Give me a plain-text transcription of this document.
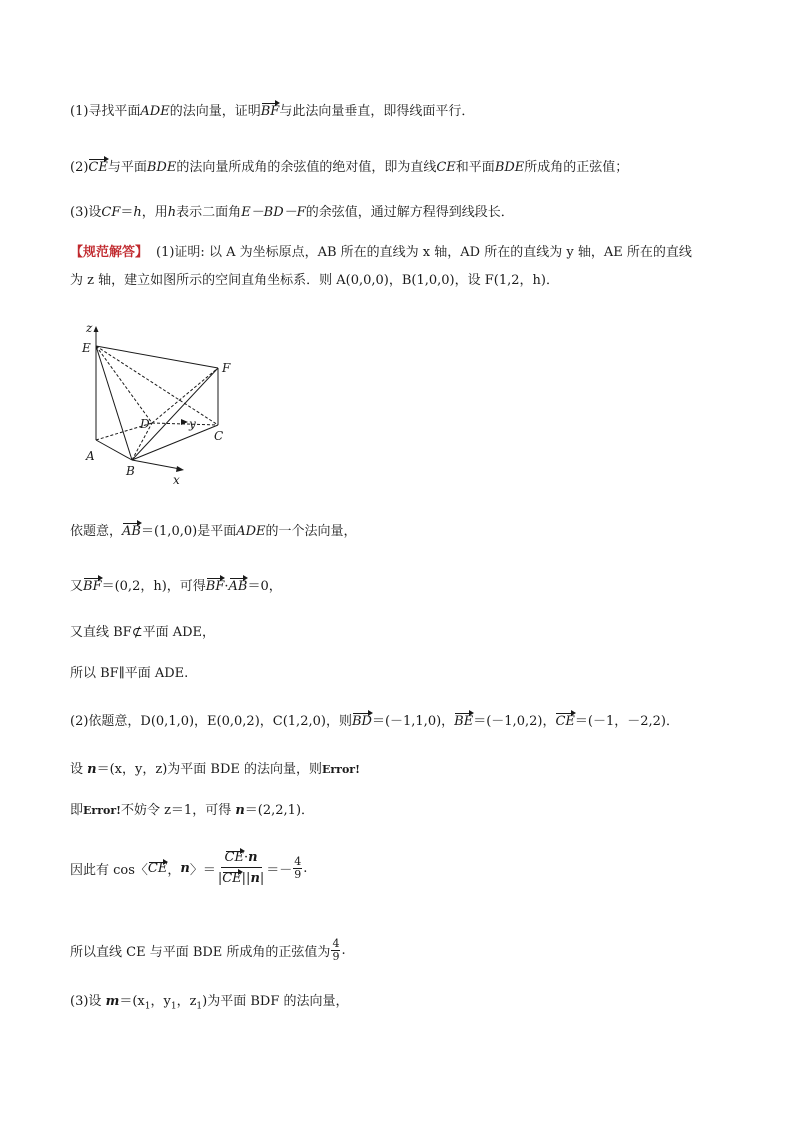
(1)寻找平面ADE的法向量，证明BF与此法向量垂直，即得线面平行．
(2)CE与平面BDE的法向量所成角的余弦值的绝对值，即为直线CE和平面BDE所成角的正弦值；
(3)设CF＝h，用h表示二面角E－BD－F的余弦值，通过解方程得到线段长．
【规范解答】 (1)证明: 以 A 为坐标原点，AB 所在的直线为 x 轴，AD 所在的直线为 y 轴，AE 所在的直线
为 z 轴，建立如图所示的空间直角坐标系．则 A(0,0,0)，B(1,0,0)，设 F(1,2，h)．
z
E
F
D	y
C
A
B
x
依题意，AB＝(1,0,0)是平面ADE的一个法向量，
又BF＝(0,2，h)，可得BF·AB＝0，
又直线 BF⊄平面 ADE，
所以 BF∥平面 ADE.
(2)依题意，D(0,1,0)，E(0,0,2)，C(1,2,0)，则BD＝(－1,1,0)，BE＝(－1,0,2)，CE＝(－1，－2,2)．
设 n＝(x，y，z)为平面 BDE 的法向量，则Error!
即Error!不妨令 z＝1，可得 n＝(2,2,1)．
因此有 cos〈 CE ， n 〉＝ $\frac{CE\cdot n}{|CE||n|} =- \frac{4}{9}$ .
所以直线 CE 与平面 BDE 所成角的正弦值为 $\frac{4}{9}$ .
(3)设 $m=(x_1$，$y_1$，$z_1$)为平面 BDF 的法向量，
